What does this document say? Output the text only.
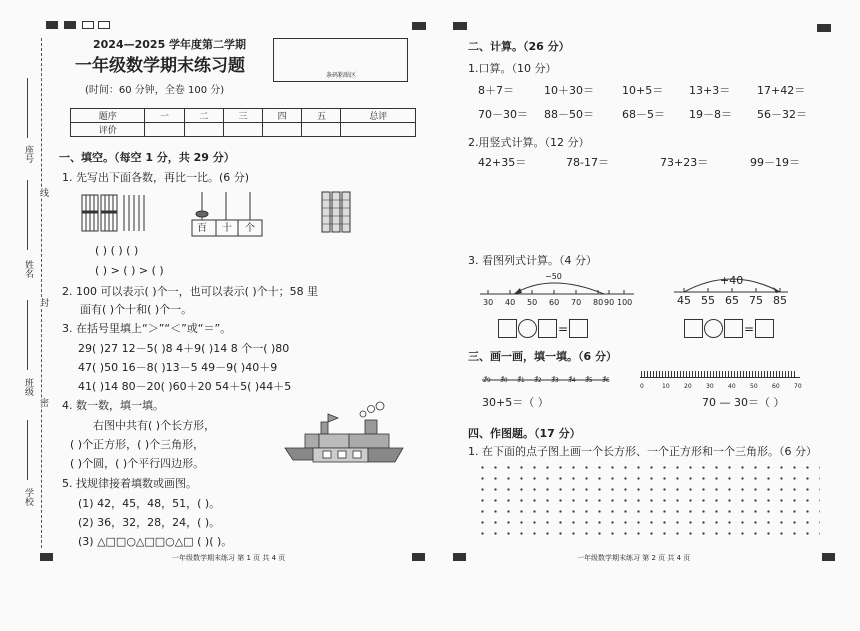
座号
姓名
班级
学校
线
封
密
2024—2025 学年度第二学期
一年级数学期末练习题
(时间：60 分钟，全卷 100 分)
条码粘贴区
题序	一	二	三	四	五	总评
评价						
一、填空。（每空 1 分，共 29 分）
1. 先写出下面各数，再比一比。(6 分)
百 十 个
( ) ( ) ( )
( ) > ( ) > ( )
2. 100 可以表示( )个一，也可以表示( )个十；58 里
面有( )个十和( )个一。
3. 在括号里填上“＞”“＜”或“＝”。
29( )27 12－5( )8 4＋9( )14 8 个一( )80
47( )50 16－8( )13－5 49－9( )40＋9
41( )14 80－20( )60＋20 54＋5( )44＋5
4. 数一数，填一填。
右图中共有( )个长方形，
( )个正方形，( )个三角形，
( )个圆，( )个平行四边形。
5. 找规律接着填数或画图。
(1) 42，45，48，51，( )。
(2) 36，32，28，24，( )。
(3) △□□○△□□○△□ ( )( )。
一年级数学期末练习 第 1 页 共 4 页
二、计算。（26 分）
1.口算。（10 分）
8＋7＝	10＋30＝	10+5＝ 13+3＝ 17+42＝
70－30＝ 88－50＝	68－5＝ 19－8＝ 56－32＝
2.用竖式计算。（12 分）
42+35＝	78-17＝	73+23＝	99－19＝
3. 看图列式计算。（4 分）
−50
30 40 50 60 70 80 90 100
+40
45 55 65 75 85
=	=
三、画一画，填一填。（6 分）
29 30 31 32 33 34 35 36
0	10 20 30 40 50 60 70
30+5＝（ ）	70 — 30＝（ ）
四、作图题。（17 分）
1. 在下面的点子图上画一个长方形、一个正方形和一个三角形。（6 分）
一年级数学期末练习 第 2 页 共 4 页
